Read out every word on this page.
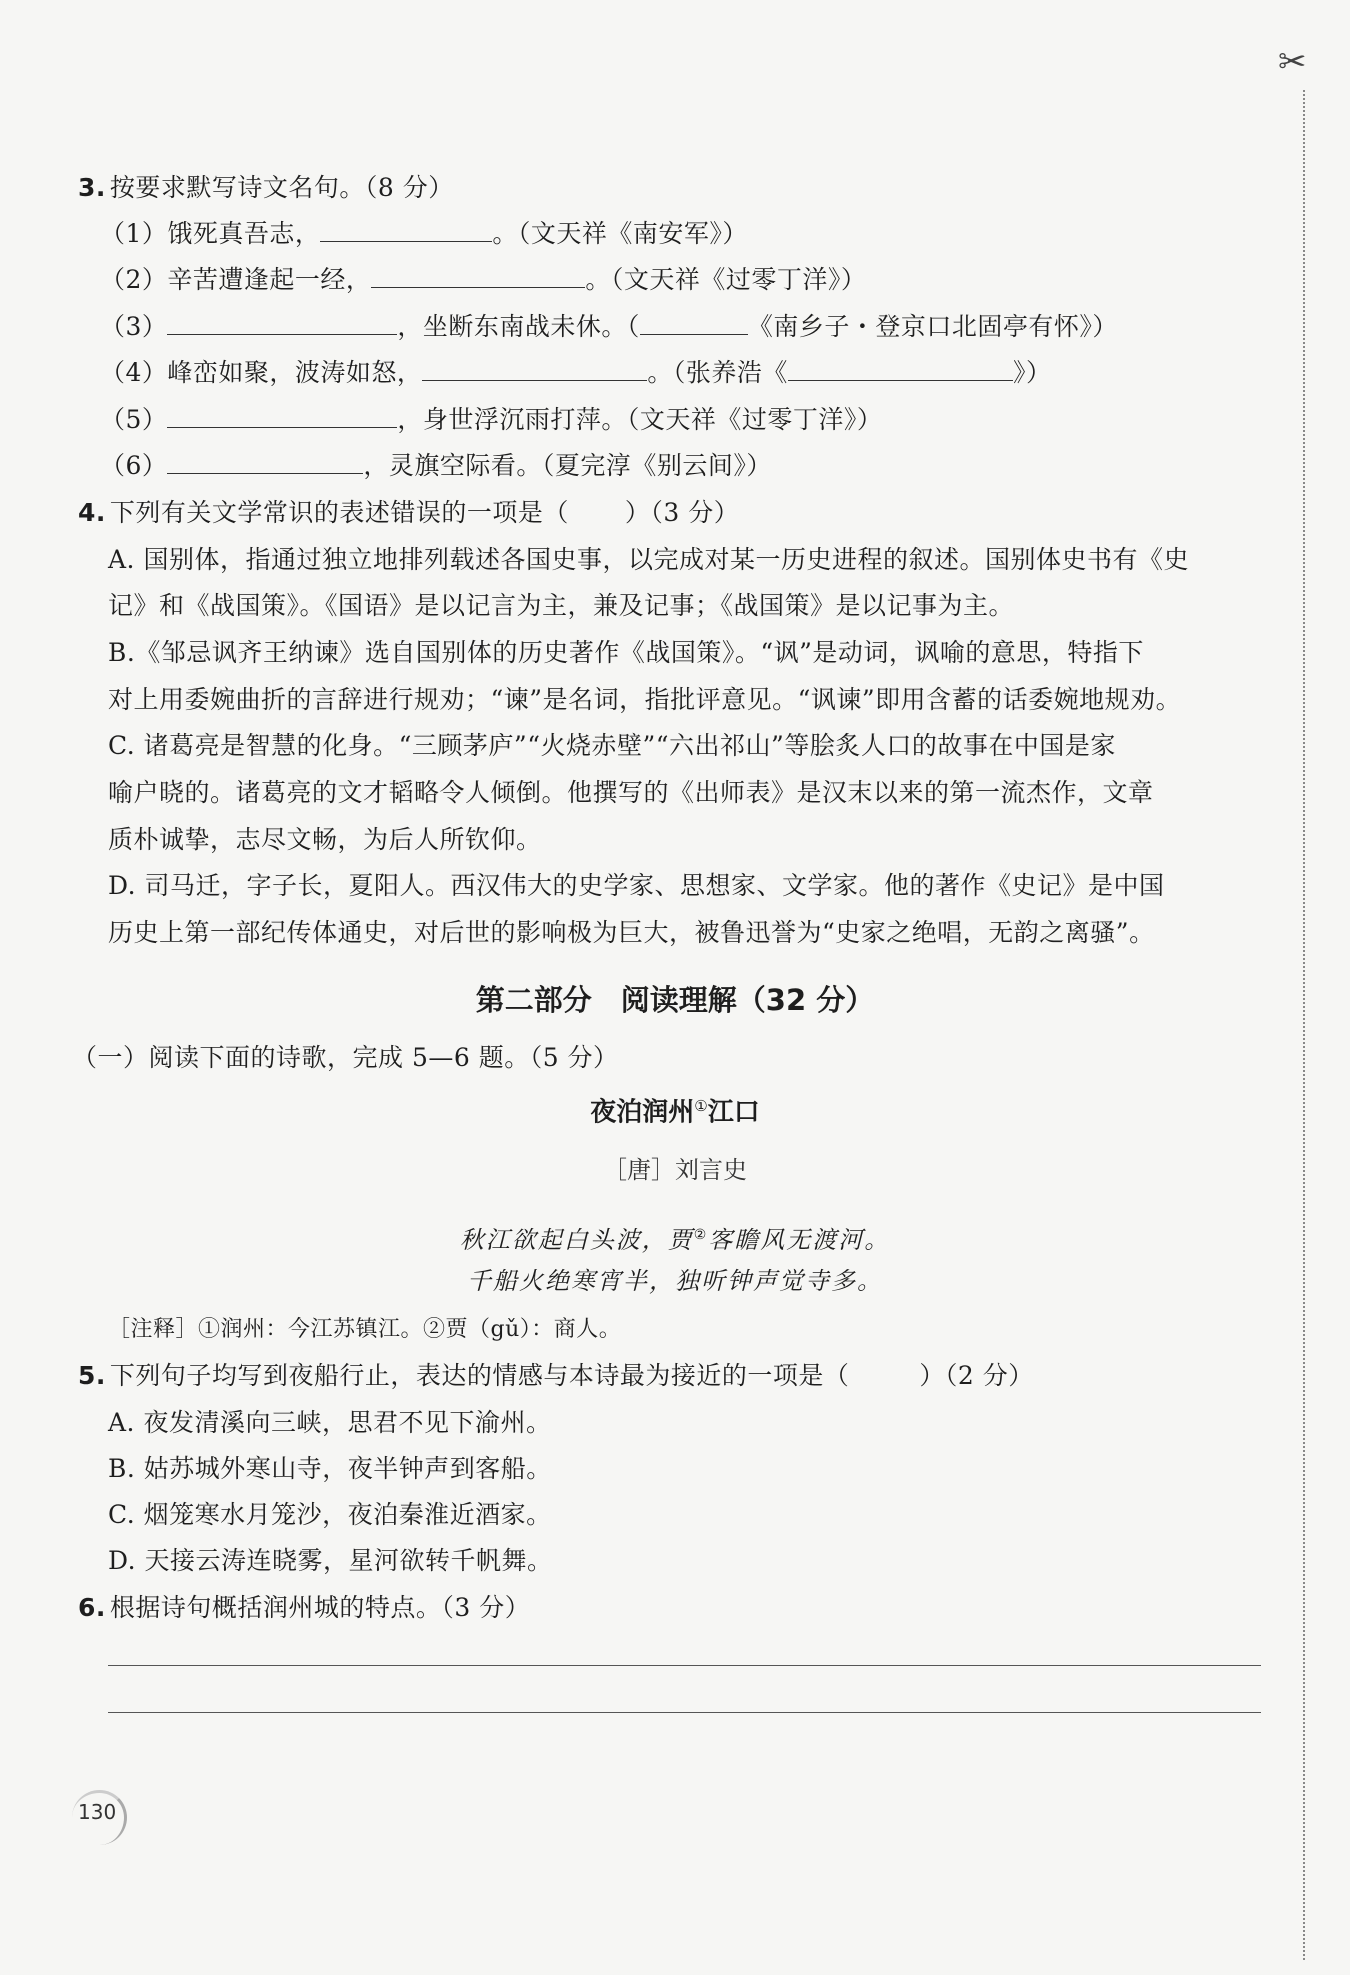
✂
3. 按要求默写诗文名句。（8 分）
（1）饿死真吾志，	。（文天祥《南安军》）
（2）辛苦遭逢起一经，	。（文天祥《过零丁洋》）
（3）	，坐断东南战未休。（	《南乡子・登京口北固亭有怀》）
（4）峰峦如聚，波涛如怒，	。（张养浩《	》）
（5）	，身世浮沉雨打萍。（文天祥《过零丁洋》）
（6）	，灵旗空际看。（夏完淳《别云间》）
4. 下列有关文学常识的表述错误的一项是（ ）（3 分）
A. 国别体，指通过独立地排列载述各国史事，以完成对某一历史进程的叙述。国别体史书有《史
记》和《战国策》。《国语》是以记言为主，兼及记事；《战国策》是以记事为主。
B.《邹忌讽齐王纳谏》选自国别体的历史著作《战国策》。“讽”是动词，讽喻的意思，特指下
对上用委婉曲折的言辞进行规劝；“谏”是名词，指批评意见。“讽谏”即用含蓄的话委婉地规劝。
C. 诸葛亮是智慧的化身。“三顾茅庐”“火烧赤壁”“六出祁山”等脍炙人口的故事在中国是家
喻户晓的。诸葛亮的文才韬略令人倾倒。他撰写的《出师表》是汉末以来的第一流杰作，文章
质朴诚挚，志尽文畅，为后人所钦仰。
D. 司马迁，字子长，夏阳人。西汉伟大的史学家、思想家、文学家。他的著作《史记》是中国
历史上第一部纪传体通史，对后世的影响极为巨大，被鲁迅誉为“史家之绝唱，无韵之离骚”。
第二部分　阅读理解（32 分）
（一）阅读下面的诗歌，完成 5—6 题。（5 分）
夜泊润州①江口
［唐］刘言史
秋江欲起白头波，贾②客瞻风无渡河。
千船火绝寒宵半，独听钟声觉寺多。
［注释］①润州：今江苏镇江。②贾（gǔ）：商人。
5. 下列句子均写到夜船行止，表达的情感与本诗最为接近的一项是（	）（2 分）
A. 夜发清溪向三峡，思君不见下渝州。
B. 姑苏城外寒山寺，夜半钟声到客船。
C. 烟笼寒水月笼沙，夜泊秦淮近酒家。
D. 天接云涛连晓雾，星河欲转千帆舞。
6. 根据诗句概括润州城的特点。（3 分）
130
